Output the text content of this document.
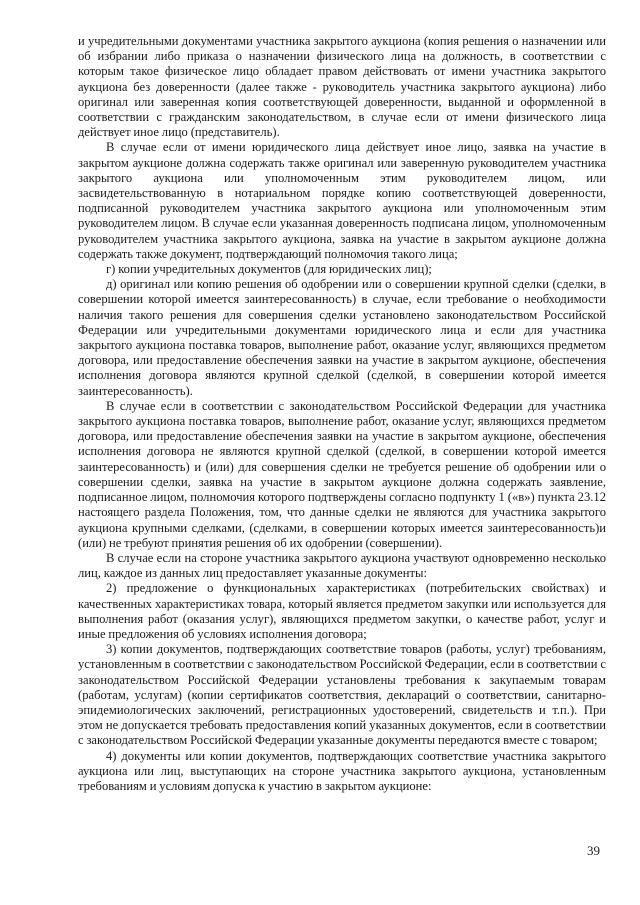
и учредительными документами участника закрытого аукциона (копия решения о назначении или об избрании либо приказа о назначении физического лица на должность, в соответствии с которым такое физическое лицо обладает правом действовать от имени участника закрытого аукциона без доверенности (далее также - руководитель участника закрытого аукциона) либо оригинал или заверенная копия соответствующей доверенности, выданной и оформленной в соответствии с гражданским законодательством, в случае если от имени физического лица действует иное лицо (представитель).

В случае если от имени юридического лица действует иное лицо, заявка на участие в закрытом аукционе должна содержать также оригинал или заверенную руководителем участника закрытого аукциона или уполномоченным этим руководителем лицом, или засвидетельствованную в нотариальном порядке копию соответствующей доверенности, подписанной руководителем участника закрытого аукциона или уполномоченным этим руководителем лицом. В случае если указанная доверенность подписана лицом, уполномоченным руководителем участника закрытого аукциона, заявка на участие в закрытом аукционе должна содержать также документ, подтверждающий полномочия такого лица;

г) копии учредительных документов (для юридических лиц);

д) оригинал или копию решения об одобрении или о совершении крупной сделки (сделки, в совершении которой имеется заинтересованность) в случае, если требование о необходимости наличия такого решения для совершения сделки установлено законодательством Российской Федерации или учредительными документами юридического лица и если для участника закрытого аукциона поставка товаров, выполнение работ, оказание услуг, являющихся предметом договора, или предоставление обеспечения заявки на участие в закрытом аукционе, обеспечения исполнения договора являются крупной сделкой (сделкой, в совершении которой имеется заинтересованность).

В случае если в соответствии с законодательством Российской Федерации для участника закрытого аукциона поставка товаров, выполнение работ, оказание услуг, являющихся предметом договора, или предоставление обеспечения заявки на участие в закрытом аукционе, обеспечения исполнения договора не являются крупной сделкой (сделкой, в совершении которой имеется заинтересованность) и (или) для совершения сделки не требуется решение об одобрении или о совершении сделки, заявка на участие в закрытом аукционе должна содержать заявление, подписанное лицом, полномочия которого подтверждены согласно подпункту 1 («в») пункта 23.12 настоящего раздела Положения, том, что данные сделки не являются для участника закрытого аукциона крупными сделками, (сделками, в совершении которых имеется заинтересованность)и (или) не требуют принятия решения об их одобрении (совершении).

В случае если на стороне участника закрытого аукциона участвуют одновременно несколько лиц, каждое из данных лиц предоставляет указанные документы:

2) предложение о функциональных характеристиках (потребительских свойствах) и качественных характеристиках товара, который является предметом закупки или используется для выполнения работ (оказания услуг), являющихся предметом закупки, о качестве работ, услуг и иные предложения об условиях исполнения договора;

3) копии документов, подтверждающих соответствие товаров (работы, услуг) требованиям, установленным в соответствии с законодательством Российской Федерации, если в соответствии с законодательством Российской Федерации установлены требования к закупаемым товарам (работам, услугам) (копии сертификатов соответствия, деклараций о соответствии, санитарно-эпидемиологических заключений, регистрационных удостоверений, свидетельств и т.п.). При этом не допускается требовать предоставления копий указанных документов, если в соответствии с законодательством Российской Федерации указанные документы передаются вместе с товаром;

4) документы или копии документов, подтверждающих соответствие участника закрытого аукциона или лиц, выступающих на стороне участника закрытого аукциона, установленным требованиям и условиям допуска к участию в закрытом аукционе:

39
